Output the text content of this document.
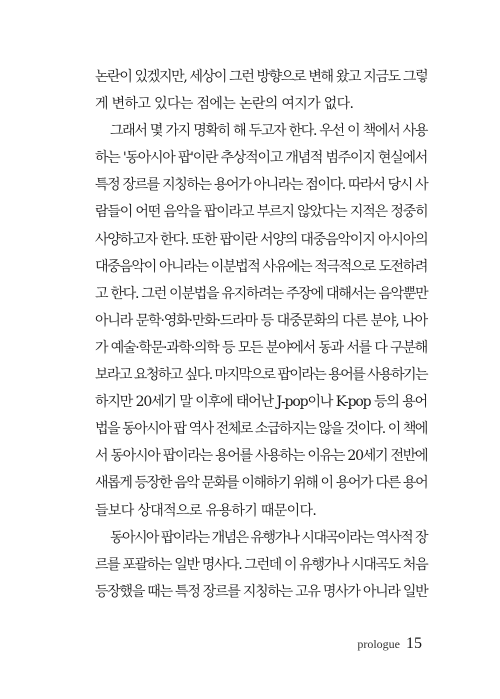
논란이 있겠지만, 세상이 그런 방향으로 변해 왔고 지금도 그렇
게 변하고 있다는 점에는 논란의 여지가 없다.
그래서 몇 가지 명확히 해 두고자 한다. 우선 이 책에서 사용
하는 '동아시아 팝'이란 추상적이고 개념적 범주이지 현실에서
특정 장르를 지칭하는 용어가 아니라는 점이다. 따라서 당시 사
람들이 어떤 음악을 팝이라고 부르지 않았다는 지적은 정중히
사양하고자 한다. 또한 팝이란 서양의 대중음악이지 아시아의
대중음악이 아니라는 이분법적 사유에는 적극적으로 도전하려
고 한다. 그런 이분법을 유지하려는 주장에 대해서는 음악뿐만
아니라 문학·영화·만화·드라마 등 대중문화의 다른 분야, 나아
가 예술·학문·과학·의학 등 모든 분야에서 동과 서를 다 구분해
보라고 요청하고 싶다. 마지막으로 팝이라는 용어를 사용하기는
하지만 20세기 말 이후에 태어난 J-pop이나 K-pop 등의 용어
법을 동아시아 팝 역사 전체로 소급하지는 않을 것이다. 이 책에
서 동아시아 팝이라는 용어를 사용하는 이유는 20세기 전반에
새롭게 등장한 음악 문화를 이해하기 위해 이 용어가 다른 용어
들보다 상대적으로 유용하기 때문이다.
동아시아 팝이라는 개념은 유행가나 시대곡이라는 역사적 장
르를 포괄하는 일반 명사다. 그런데 이 유행가나 시대곡도 처음
등장했을 때는 특정 장르를 지칭하는 고유 명사가 아니라 일반
prologue 15
